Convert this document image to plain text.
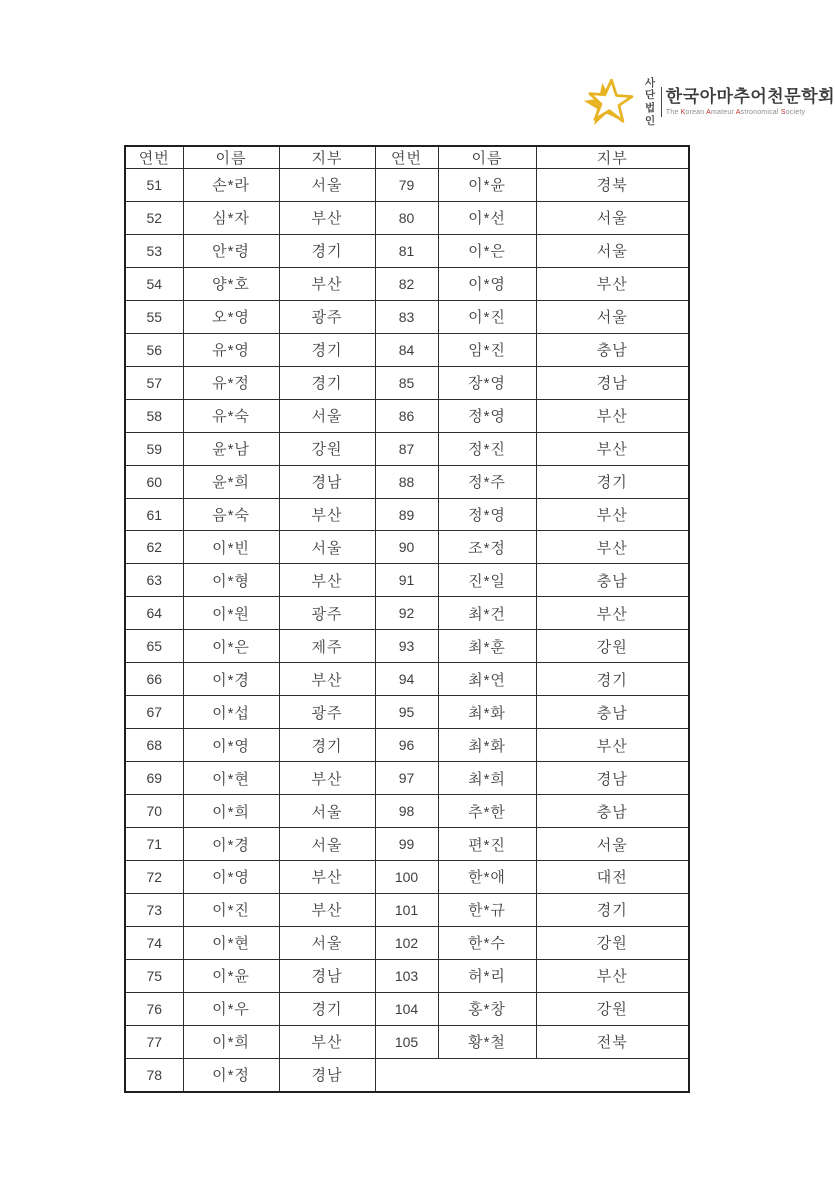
사단
법인
한국아마추어천문학회
The Korean Amateur Astronomical Society
연번	이름	지부	연번	이름	지부
51	손*라	서울	79	이*윤	경북
52	심*자	부산	80	이*선	서울
53	안*령	경기	81	이*은	서울
54	양*호	부산	82	이*영	부산
55	오*영	광주	83	이*진	서울
56	유*영	경기	84	임*진	충남
57	유*정	경기	85	장*영	경남
58	유*숙	서울	86	정*영	부산
59	윤*남	강원	87	정*진	부산
60	윤*희	경남	88	정*주	경기
61	음*숙	부산	89	정*영	부산
62	이*빈	서울	90	조*정	부산
63	이*형	부산	91	진*일	충남
64	이*원	광주	92	최*건	부산
65	이*은	제주	93	최*훈	강원
66	이*경	부산	94	최*연	경기
67	이*섭	광주	95	최*화	충남
68	이*영	경기	96	최*화	부산
69	이*현	부산	97	최*희	경남
70	이*희	서울	98	추*한	충남
71	이*경	서울	99	편*진	서울
72	이*영	부산	100	한*애	대전
73	이*진	부산	101	한*규	경기
74	이*현	서울	102	한*수	강원
75	이*윤	경남	103	허*리	부산
76	이*우	경기	104	홍*창	강원
77	이*희	부산	105	황*철	전북
78	이*정	경남			
